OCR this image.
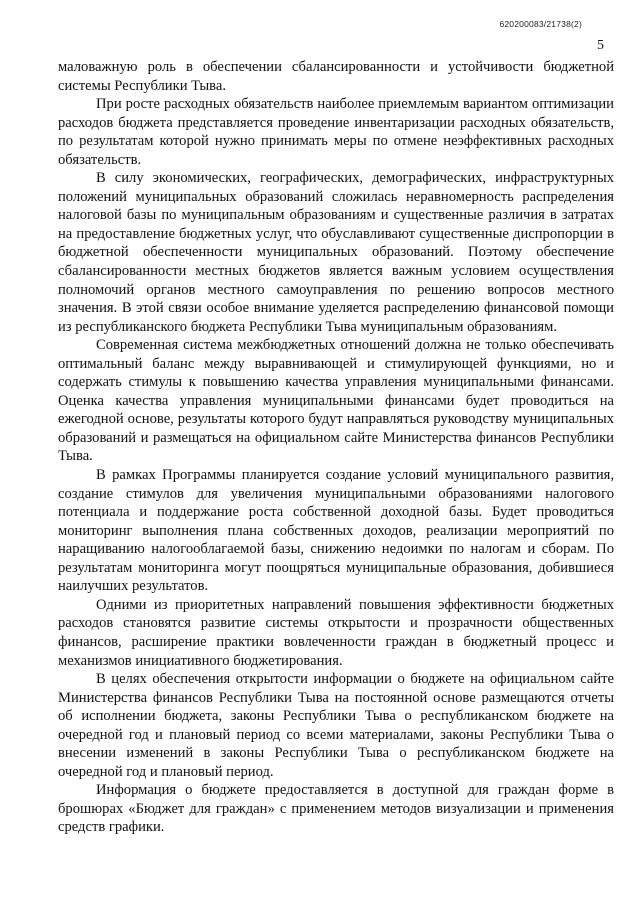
620200083/21738(2)
5

маловажную роль в обеспечении сбалансированности и устойчивости бюджетной системы Республики Тыва.

При росте расходных обязательств наиболее приемлемым вариантом оптимизации расходов бюджета представляется проведение инвентаризации расходных обязательств, по результатам которой нужно принимать меры по отмене неэффективных расходных обязательств.

В силу экономических, географических, демографических, инфраструктурных положений муниципальных образований сложилась неравномерность распределения налоговой базы по муниципальным образованиям и существенные различия в затратах на предоставление бюджетных услуг, что обуславливают существенные диспропорции в бюджетной обеспеченности муниципальных образований. Поэтому обеспечение сбалансированности местных бюджетов является важным условием осуществления полномочий органов местного самоуправления по решению вопросов местного значения. В этой связи особое внимание уделяется распределению финансовой помощи из республиканского бюджета Республики Тыва муниципальным образованиям.

Современная система межбюджетных отношений должна не только обеспечивать оптимальный баланс между выравнивающей и стимулирующей функциями, но и содержать стимулы к повышению качества управления муниципальными финансами. Оценка качества управления муниципальными финансами будет проводиться на ежегодной основе, результаты которого будут направляться руководству муниципальных образований и размещаться на официальном сайте Министерства финансов Республики Тыва.

В рамках Программы планируется создание условий муниципального развития, создание стимулов для увеличения муниципальными образованиями налогового потенциала и поддержание роста собственной доходной базы. Будет проводиться мониторинг выполнения плана собственных доходов, реализации мероприятий по наращиванию налогооблагаемой базы, снижению недоимки по налогам и сборам. По результатам мониторинга могут поощряться муниципальные образования, добившиеся наилучших результатов.

Одними из приоритетных направлений повышения эффективности бюджетных расходов становятся развитие системы открытости и прозрачности общественных финансов, расширение практики вовлеченности граждан в бюджетный процесс и механизмов инициативного бюджетирования.

В целях обеспечения открытости информации о бюджете на официальном сайте Министерства финансов Республики Тыва на постоянной основе размещаются отчеты об исполнении бюджета, законы Республики Тыва о республиканском бюджете на очередной год и плановый период со всеми материалами, законы Республики Тыва о внесении изменений в законы Республики Тыва о республиканском бюджете на очередной год и плановый период.

Информация о бюджете предоставляется в доступной для граждан форме в брошюрах «Бюджет для граждан» с применением методов визуализации и применения средств графики.
